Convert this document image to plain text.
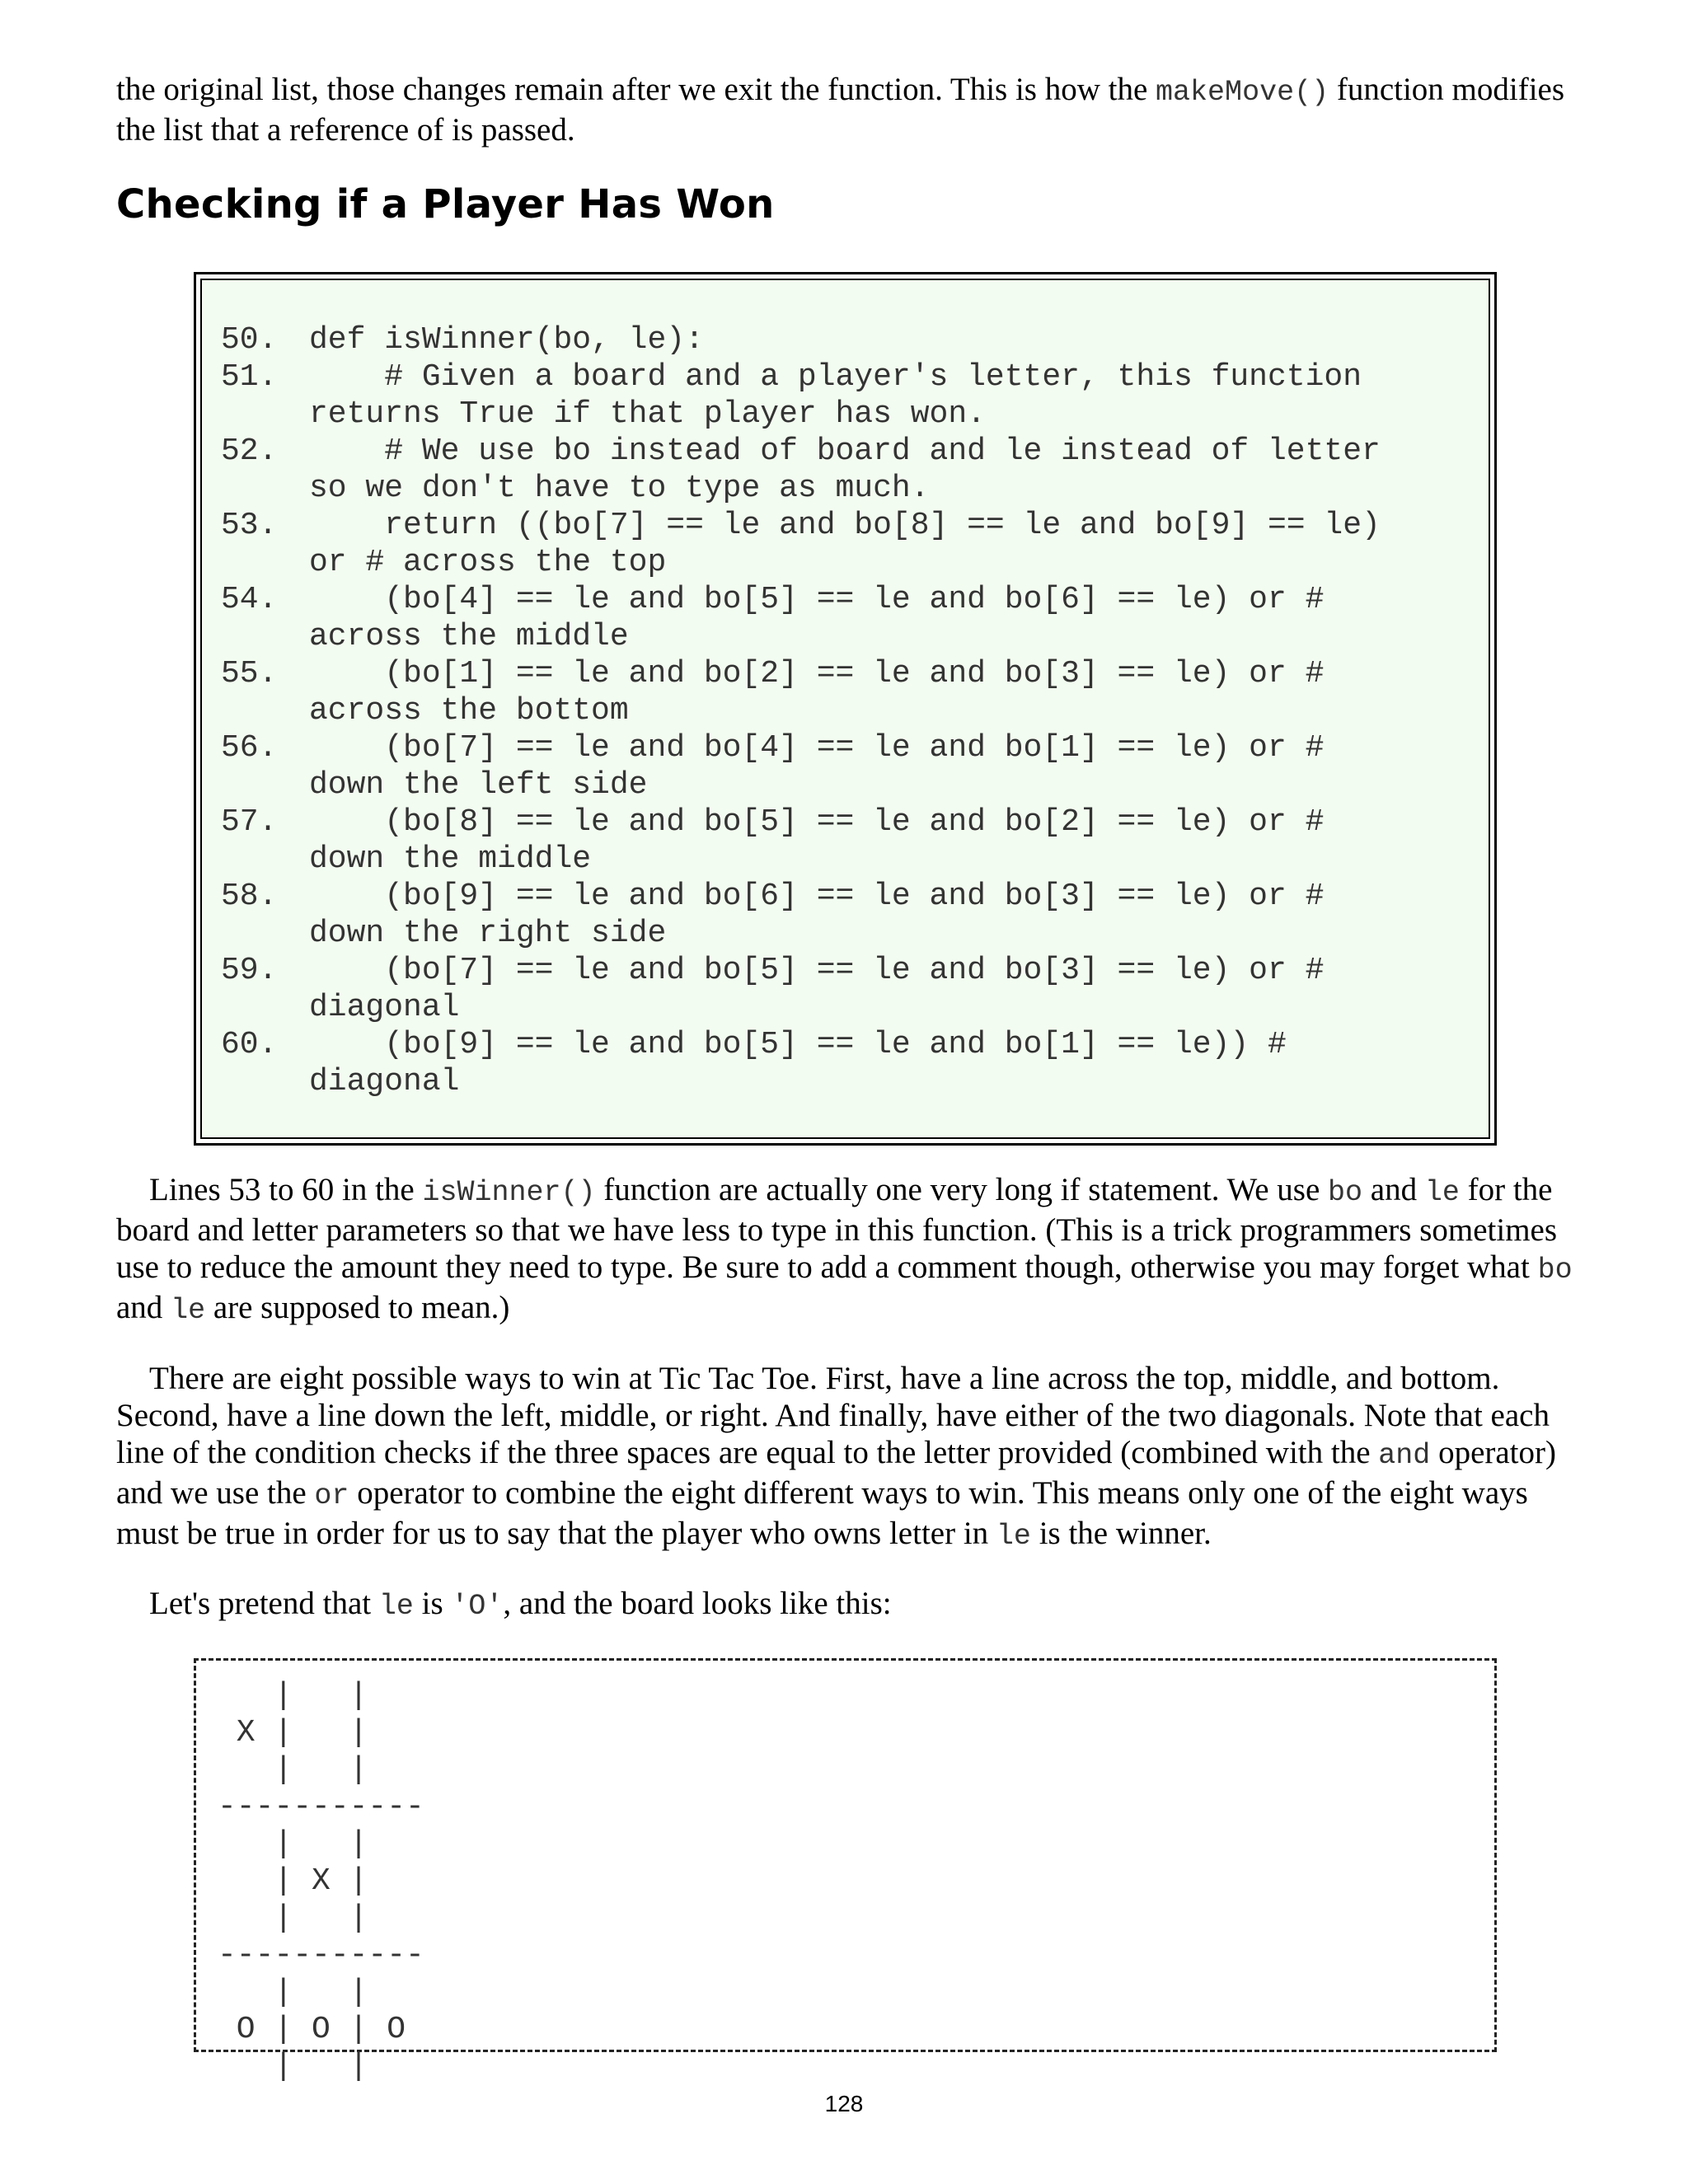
the original list, those changes remain after we exit the function. This is how the makeMove() function modifies the list that a reference of is passed.

Checking if a Player Has Won
50. def isWinner(bo, le):
51. # Given a board and a player's letter, this function
returns True if that player has won.
52. # We use bo instead of board and le instead of letter
so we don't have to type as much.
53. return ((bo[7] == le and bo[8] == le and bo[9] == le)
or # across the top
54. (bo[4] == le and bo[5] == le and bo[6] == le) or #
across the middle
55. (bo[1] == le and bo[2] == le and bo[3] == le) or #
across the bottom
56. (bo[7] == le and bo[4] == le and bo[1] == le) or #
down the left side
57. (bo[8] == le and bo[5] == le and bo[2] == le) or #
down the middle
58. (bo[9] == le and bo[6] == le and bo[3] == le) or #
down the right side
59. (bo[7] == le and bo[5] == le and bo[3] == le) or #
diagonal
60. (bo[9] == le and bo[5] == le and bo[1] == le)) #
diagonal

Lines 53 to 60 in the isWinner() function are actually one very long if statement. We use bo and le for the board and letter parameters so that we have less to type in this function. (This is a trick programmers sometimes use to reduce the amount they need to type. Be sure to add a comment though, otherwise you may forget what bo and le are supposed to mean.)

There are eight possible ways to win at Tic Tac Toe. First, have a line across the top, middle, and bottom. Second, have a line down the left, middle, or right. And finally, have either of the two diagonals. Note that each line of the condition checks if the three spaces are equal to the letter provided (combined with the and operator) and we use the or operator to combine the eight different ways to win. This means only one of the eight ways must be true in order for us to say that the player who owns letter in le is the winner.

Let's pretend that le is 'O', and the board looks like this:

|   |
X |   |
|   |
-----------
|   |
| X |
|   |
-----------
|   |
O | O | O
|   |
128
